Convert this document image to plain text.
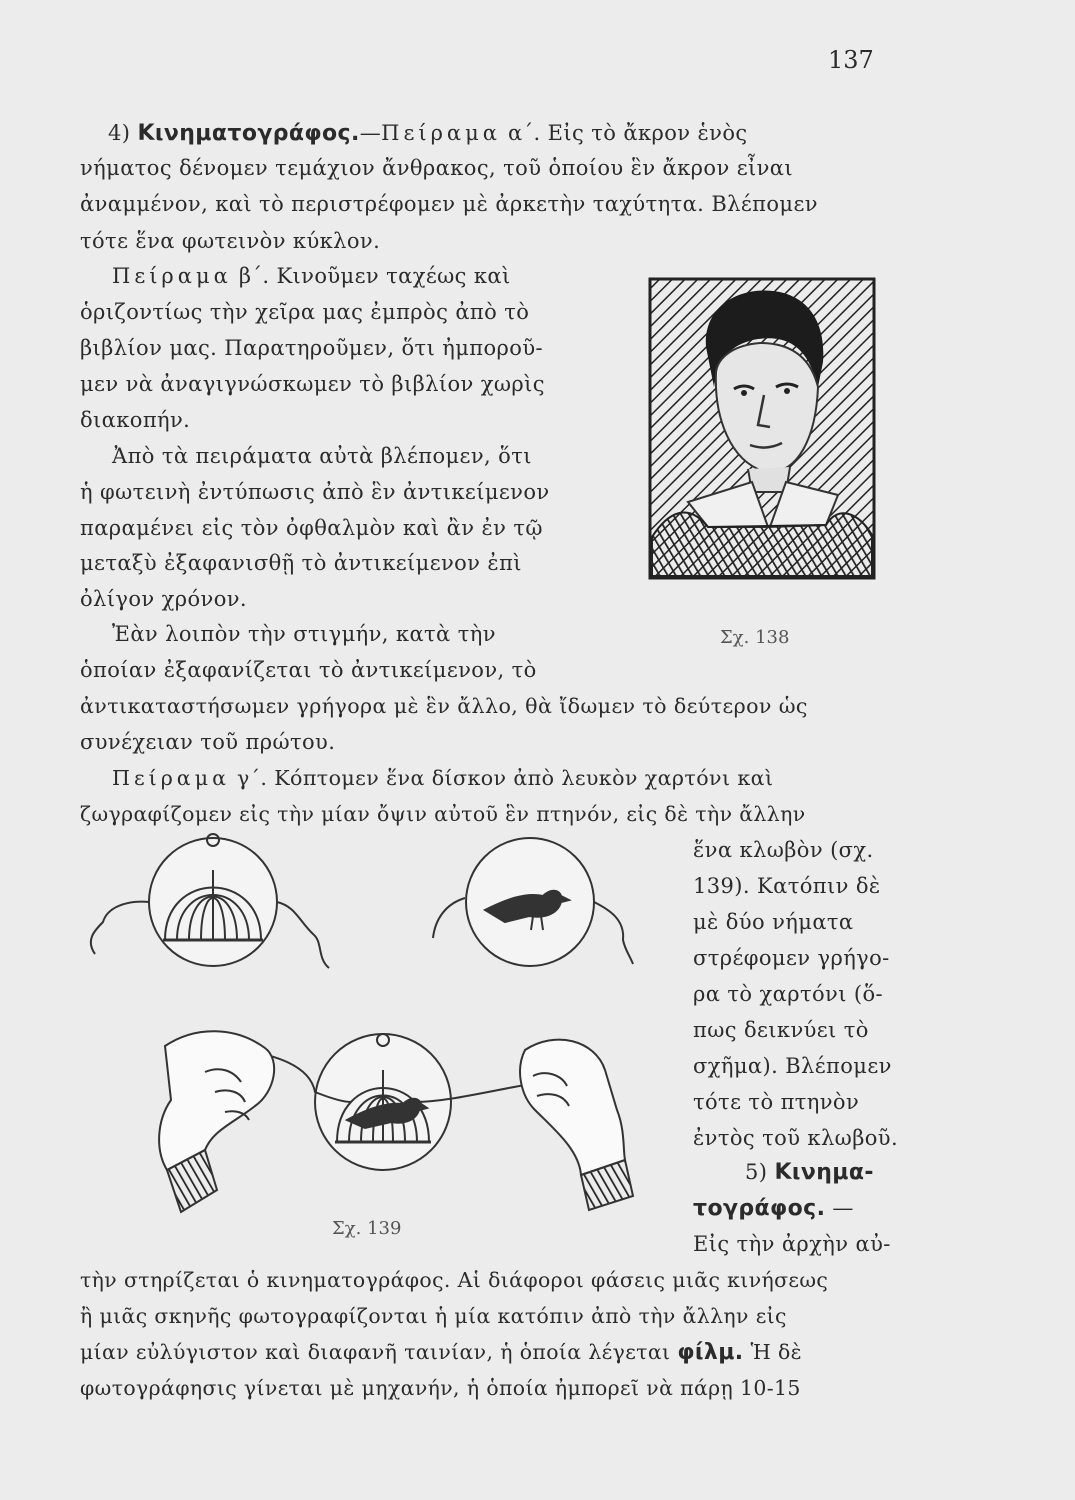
137
4) Κινηματογράφος.—Πείραμα α΄. Εἰς τὸ ἄκρον ἑνὸς
νήματος δένομεν τεμάχιον ἄνθρακος, τοῦ ὁποίου ἓν ἄκρον εἶναι
ἀναμμένον, καὶ τὸ περιστρέφομεν μὲ ἀρκετὴν ταχύτητα. Βλέπομεν
τότε ἕνα φωτεινὸν κύκλον.
Πείραμα β΄. Κινοῦμεν ταχέως καὶ
ὁριζοντίως τὴν χεῖρα μας ἐμπρὸς ἀπὸ τὸ
βιβλίον μας. Παρατηροῦμεν, ὅτι ἠμποροῦ-
μεν νὰ ἀναγιγνώσκωμεν τὸ βιβλίον χωρὶς
διακοπήν.
Ἀπὸ τὰ πειράματα αὐτὰ βλέπομεν, ὅτι
ἡ φωτεινὴ ἐντύπωσις ἀπὸ ἓν ἀντικείμενον
παραμένει εἰς τὸν ὀφθαλμὸν καὶ ἂν ἐν τῷ
μεταξὺ ἐξαφανισθῇ τὸ ἀντικείμενον ἐπὶ
ὀλίγον χρόνον.
Ἐὰν λοιπὸν τὴν στιγμήν, κατὰ τὴν
ὁποίαν ἐξαφανίζεται τὸ ἀντικείμενον, τὸ
ἀντικαταστήσωμεν γρήγορα μὲ ἓν ἄλλο, θὰ ἴδωμεν τὸ δεύτερον ὡς
συνέχειαν τοῦ πρώτου.
Πείραμα γ΄. Κόπτομεν ἕνα δίσκον ἀπὸ λευκὸν χαρτόνι καὶ
ζωγραφίζομεν εἰς τὴν μίαν ὄψιν αὐτοῦ ἓν πτηνόν, εἰς δὲ τὴν ἄλλην
ἕνα κλωβὸν (σχ.
139). Κατόπιν δὲ
μὲ δύο νήματα
στρέφομεν γρήγο-
ρα τὸ χαρτόνι (ὅ-
πως δεικνύει τὸ
σχῆμα). Βλέπομεν
τότε τὸ πτηνὸν
ἐντὸς τοῦ κλωβοῦ.
5) Κινημα-
τογράφος. —
Εἰς τὴν ἀρχὴν αὐ-
τὴν στηρίζεται ὁ κινηματογράφος. Αἱ διάφοροι φάσεις μιᾶς κινήσεως
ἢ μιᾶς σκηνῆς φωτογραφίζονται ἡ μία κατόπιν ἀπὸ τὴν ἄλλην εἰς
μίαν εὐλύγιστον καὶ διαφανῆ ταινίαν, ἡ ὁποία λέγεται φίλμ. Ἡ δὲ
φωτογράφησις γίνεται μὲ μηχανήν, ἡ ὁποία ἠμπορεῖ νὰ πάρῃ 10-15
Σχ. 138
Σχ. 139
